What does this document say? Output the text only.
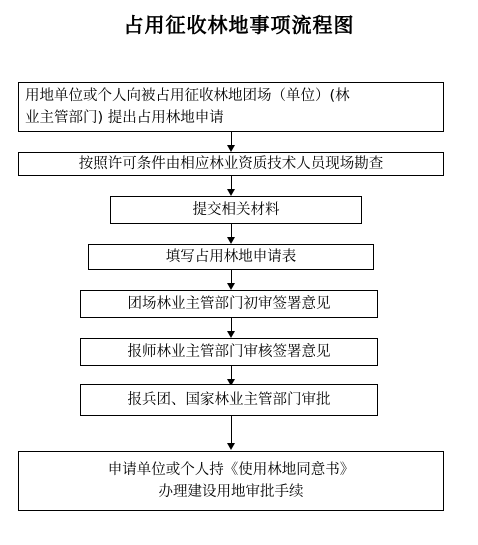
占用征收林地事项流程图
用地单位或个人向被占用征收林地团场（单位）(林
业主管部门) 提出占用林地申请
按照许可条件由相应林业资质技术人员现场勘查
提交相关材料
填写占用林地申请表
团场林业主管部门初审签署意见
报师林业主管部门审核签署意见
报兵团、国家林业主管部门审批
申请单位或个人持《使用林地同意书》
办理建设用地审批手续
